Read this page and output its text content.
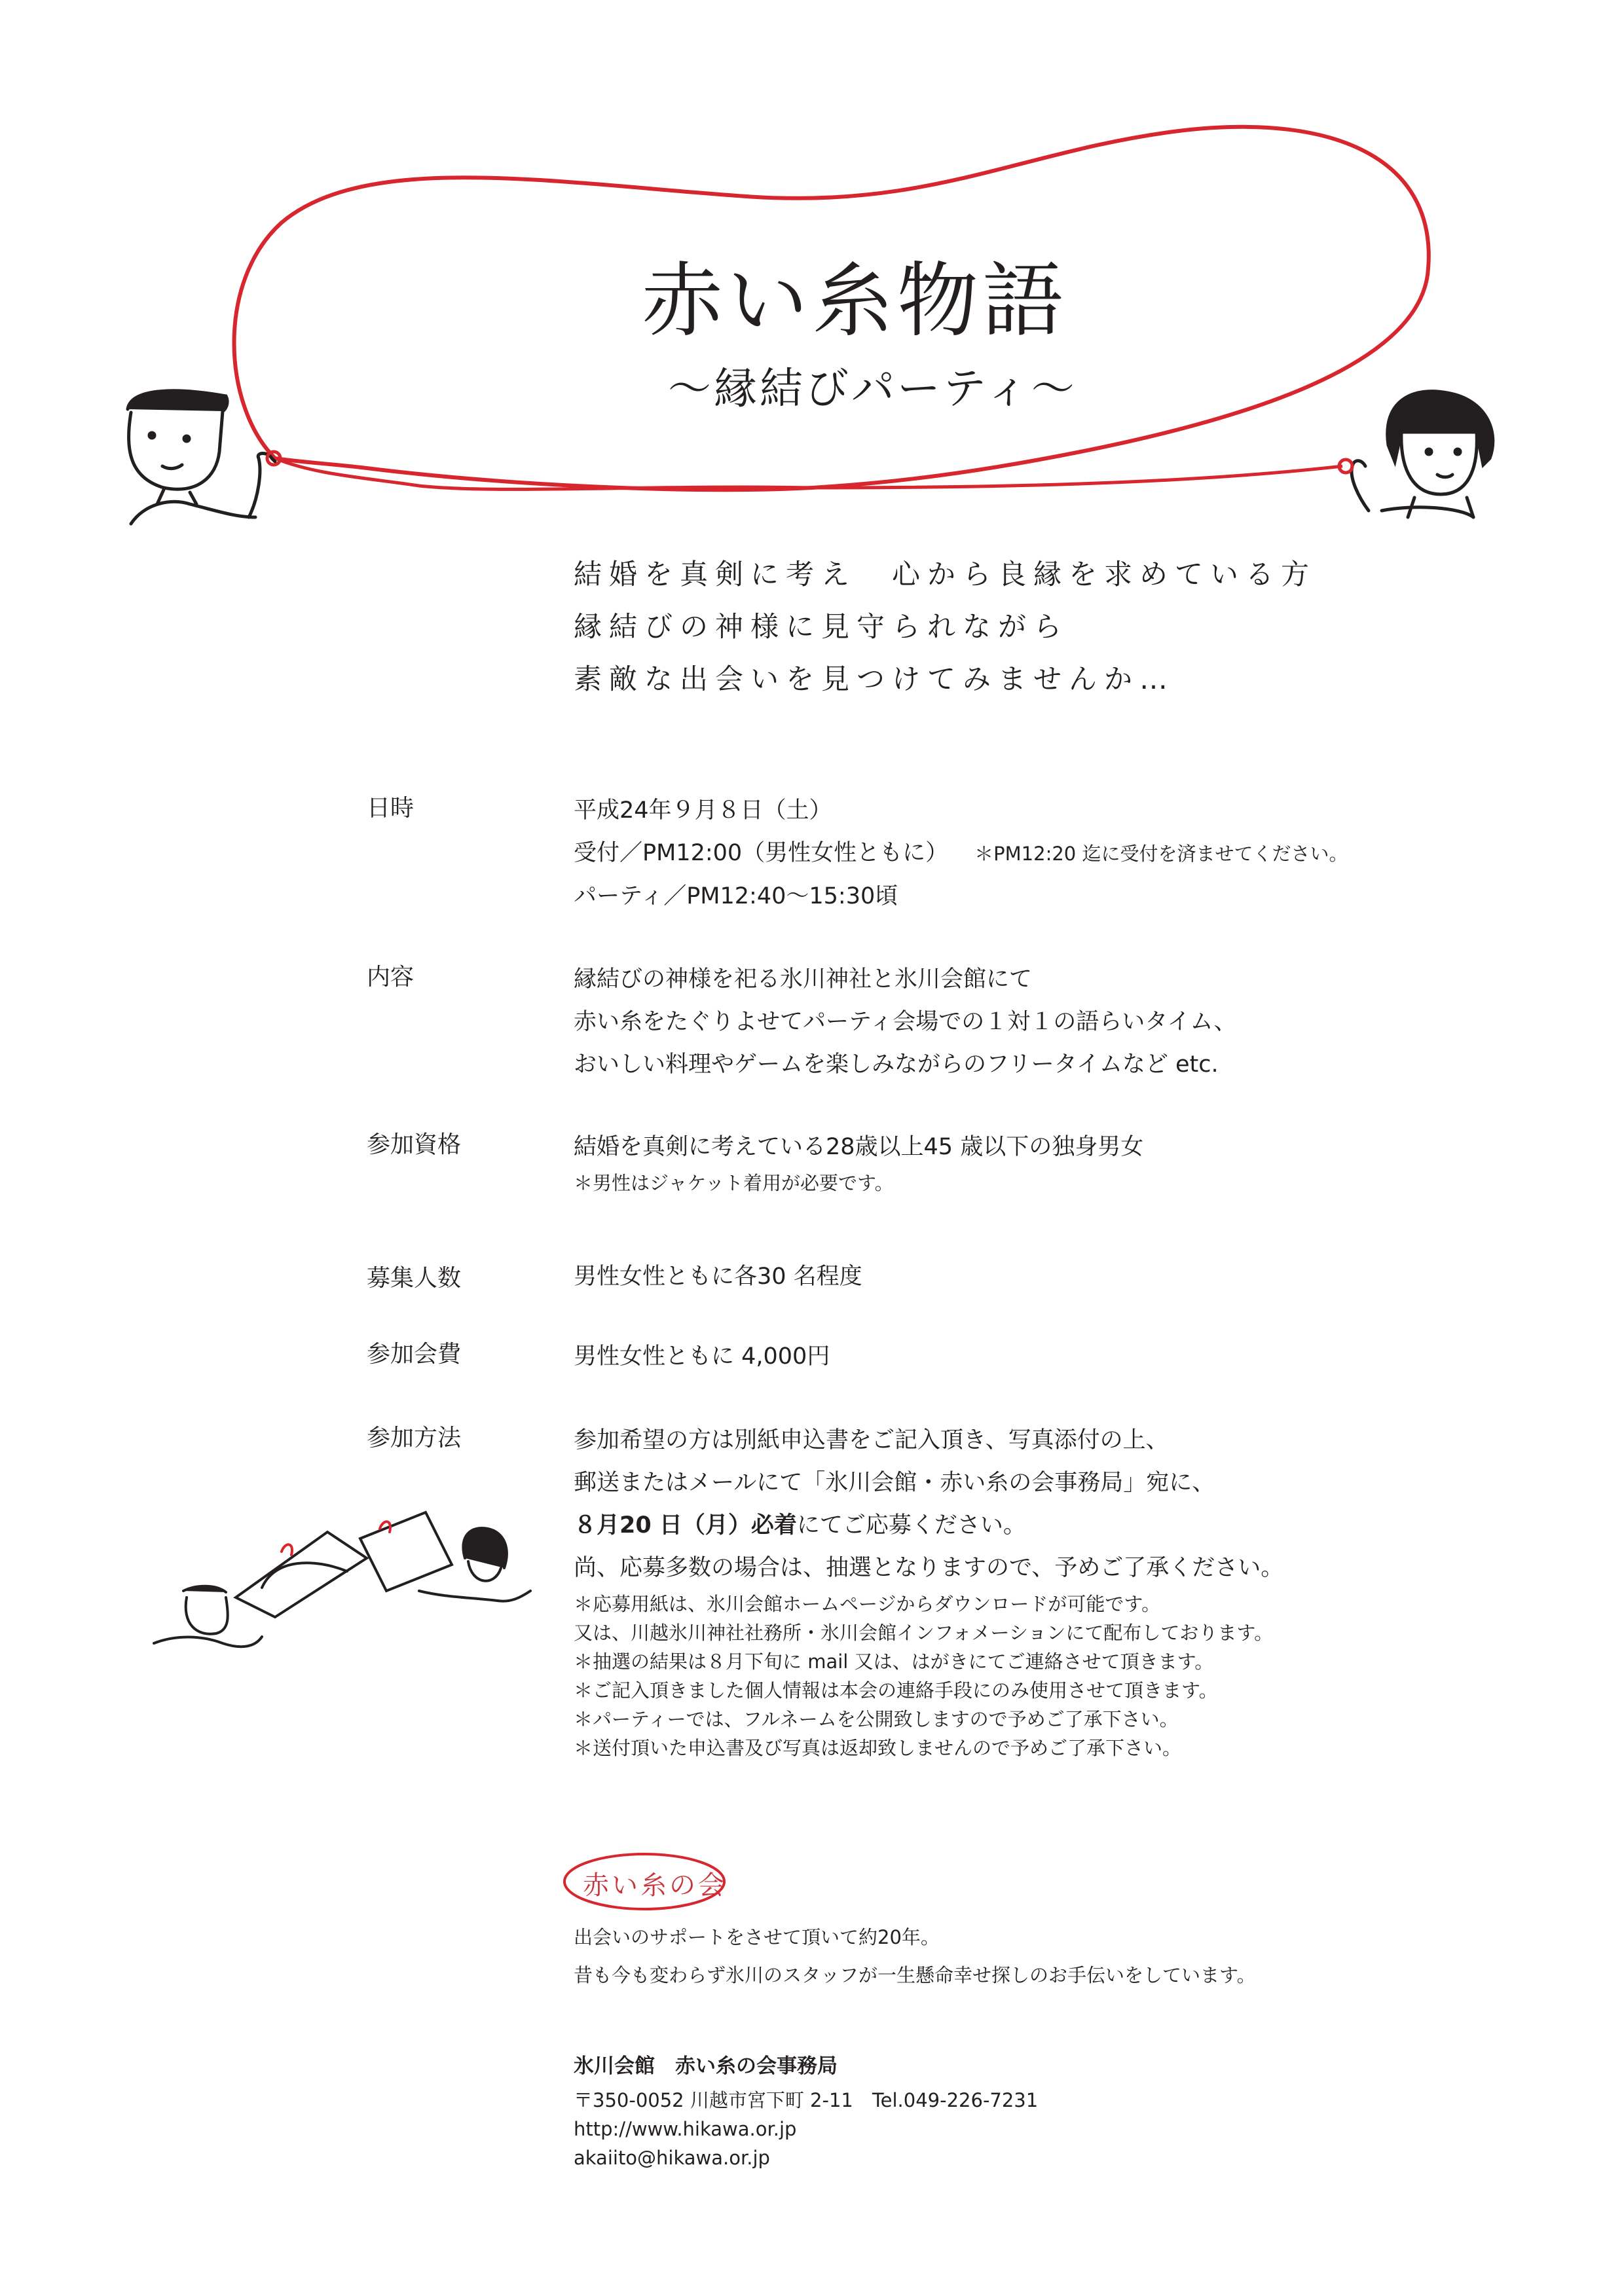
赤い糸物語
～縁結びパーティ～

結婚を真剣に考え　心から良縁を求めている方

縁結びの神様に見守られながら

素敵な出会いを見つけてみませんか…

日時	平成24年９月８日（土）
受付／PM12:00（男性女性ともに） ＊PM12:20 迄に受付を済ませてください。
パーティ／PM12:40～15:30頃
内容	縁結びの神様を祀る氷川神社と氷川会館にて
赤い糸をたぐりよせてパーティ会場での１対１の語らいタイム、
おいしい料理やゲームを楽しみながらのフリータイムなど etc.
参加資格	結婚を真剣に考えている28歳以上45 歳以下の独身男女
＊男性はジャケット着用が必要です。
募集人数	男性女性ともに各30 名程度
参加会費	男性女性ともに 4,000円
参加方法	参加希望の方は別紙申込書をご記入頂き、写真添付の上、
郵送またはメールにて「氷川会館・赤い糸の会事務局」宛に、
８月20 日（月）必着にてご応募ください。
尚、応募多数の場合は、抽選となりますので、予めご了承ください。
＊応募用紙は、氷川会館ホームページからダウンロードが可能です。
又は、川越氷川神社社務所・氷川会館インフォメーションにて配布しております。
＊抽選の結果は８月下旬に mail 又は、はがきにてご連絡させて頂きます。
＊ご記入頂きました個人情報は本会の連絡手段にのみ使用させて頂きます。
＊パーティーでは、フルネームを公開致しますので予めご了承下さい。
＊送付頂いた申込書及び写真は返却致しませんので予めご了承下さい。
赤い糸の会

出会いのサポートをさせて頂いて約20年。

昔も今も変わらず氷川のスタッフが一生懸命幸せ探しのお手伝いをしています。

氷川会館　赤い糸の会事務局

〒350-0052 川越市宮下町 2-11　Tel.049-226-7231

http://www.hikawa.or.jp

akaiito@hikawa.or.jp
